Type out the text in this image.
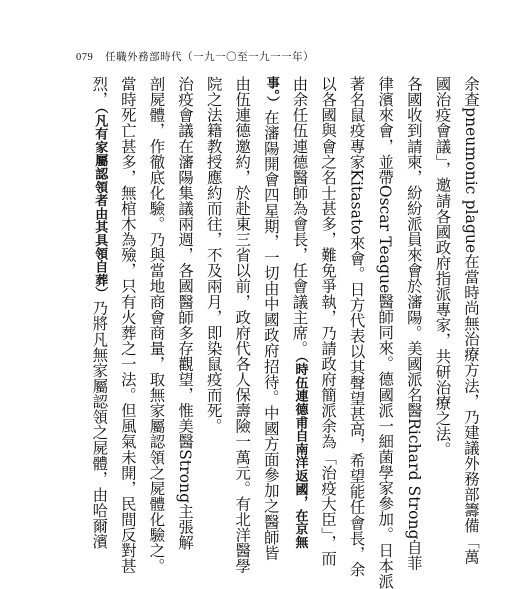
079 任職外務部時代（一九一〇至一九一一年）
余查pneumonic plague在當時尚無治療方法，乃建議外務部籌備「萬
國治疫會議」，邀請各國政府指派專家，共研治療之法。
各國收到請柬，紛紛派員來會於瀋陽。美國派名醫Richard Strong自菲
律濱來會，並帶Oscar Teague醫師同來。德國派一細菌學家參加。日本派
著名鼠疫專家Kitasato來會。日方代表以其聲望甚高，希望能任會長，余
以各國與會之名士甚多，難免爭執，乃請政府簡派余為「治疫大臣」，而
由余任伍連德醫師為會長，任會議主席。（時伍連德甫自南洋返國，在京無
事。）在瀋陽開會四星期，一切由中國政府招待。中國方面參加之醫師皆
由伍連德邀約，於赴東三省以前，政府代各人保壽險一萬元。有北洋醫學
院之法籍教授應約而往，不及兩月，即染鼠疫而死。
治疫會議在瀋陽集議兩週，各國醫師多存觀望，惟美醫Strong主張解
剖屍體，作徹底化驗。乃與當地商會商量，取無家屬認領之屍體化驗之。
當時死亡甚多，無棺木為殮，只有火葬之一法。但風氣未開，民間反對甚
烈，（凡有家屬認領者由其具領自葬）乃將凡無家屬認領之屍體，由哈爾濱
